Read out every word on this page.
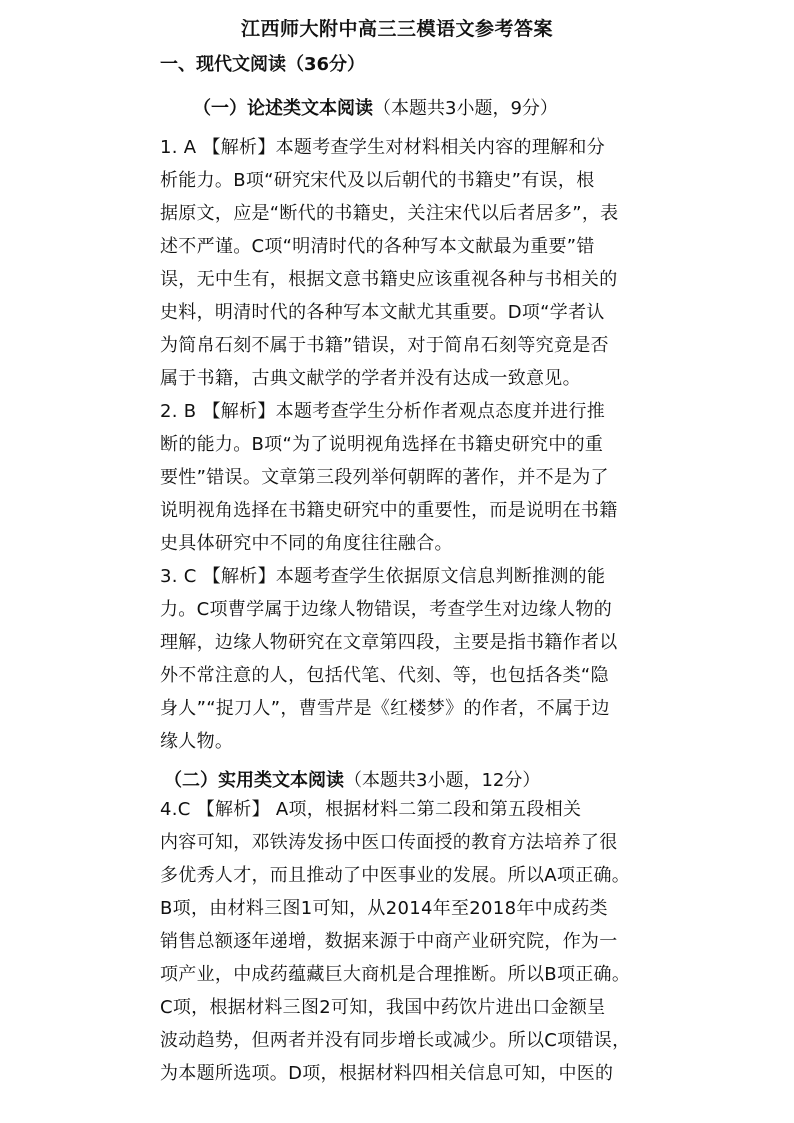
江西师大附中高三三模语文参考答案
一、现代文阅读（36分）
（一）论述类文本阅读（本题共3小题，9分）
1. A 【解析】本题考查学生对材料相关内容的理解和分
析能力。B项“研究宋代及以后朝代的书籍史”有误，根
据原文，应是“断代的书籍史，关注宋代以后者居多”，表
述不严谨。C项“明清时代的各种写本文献最为重要”错
误，无中生有，根据文意书籍史应该重视各种与书相关的
史料，明清时代的各种写本文献尤其重要。D项“学者认
为简帛石刻不属于书籍”错误，对于简帛石刻等究竟是否
属于书籍，古典文献学的学者并没有达成一致意见。
2. B 【解析】本题考查学生分析作者观点态度并进行推
断的能力。B项“为了说明视角选择在书籍史研究中的重
要性”错误。文章第三段列举何朝晖的著作，并不是为了
说明视角选择在书籍史研究中的重要性，而是说明在书籍
史具体研究中不同的角度往往融合。
3. C 【解析】本题考查学生依据原文信息判断推测的能
力。C项曹学属于边缘人物错误，考查学生对边缘人物的
理解，边缘人物研究在文章第四段，主要是指书籍作者以
外不常注意的人，包括代笔、代刻、等，也包括各类“隐
身人”“捉刀人”，曹雪芹是《红楼梦》的作者，不属于边
缘人物。
（二）实用类文本阅读（本题共3小题，12分）
4.C 【解析】 A项，根据材料二第二段和第五段相关
内容可知，邓铁涛发扬中医口传面授的教育方法培养了很
多优秀人才，而且推动了中医事业的发展。所以A项正确。
B项，由材料三图1可知，从2014年至2018年中成药类
销售总额逐年递增，数据来源于中商产业研究院，作为一
项产业，中成药蕴藏巨大商机是合理推断。所以B项正确。
C项，根据材料三图2可知，我国中药饮片进出口金额呈
波动趋势，但两者并没有同步增长或减少。所以C项错误，
为本题所选项。D项，根据材料四相关信息可知，中医的
